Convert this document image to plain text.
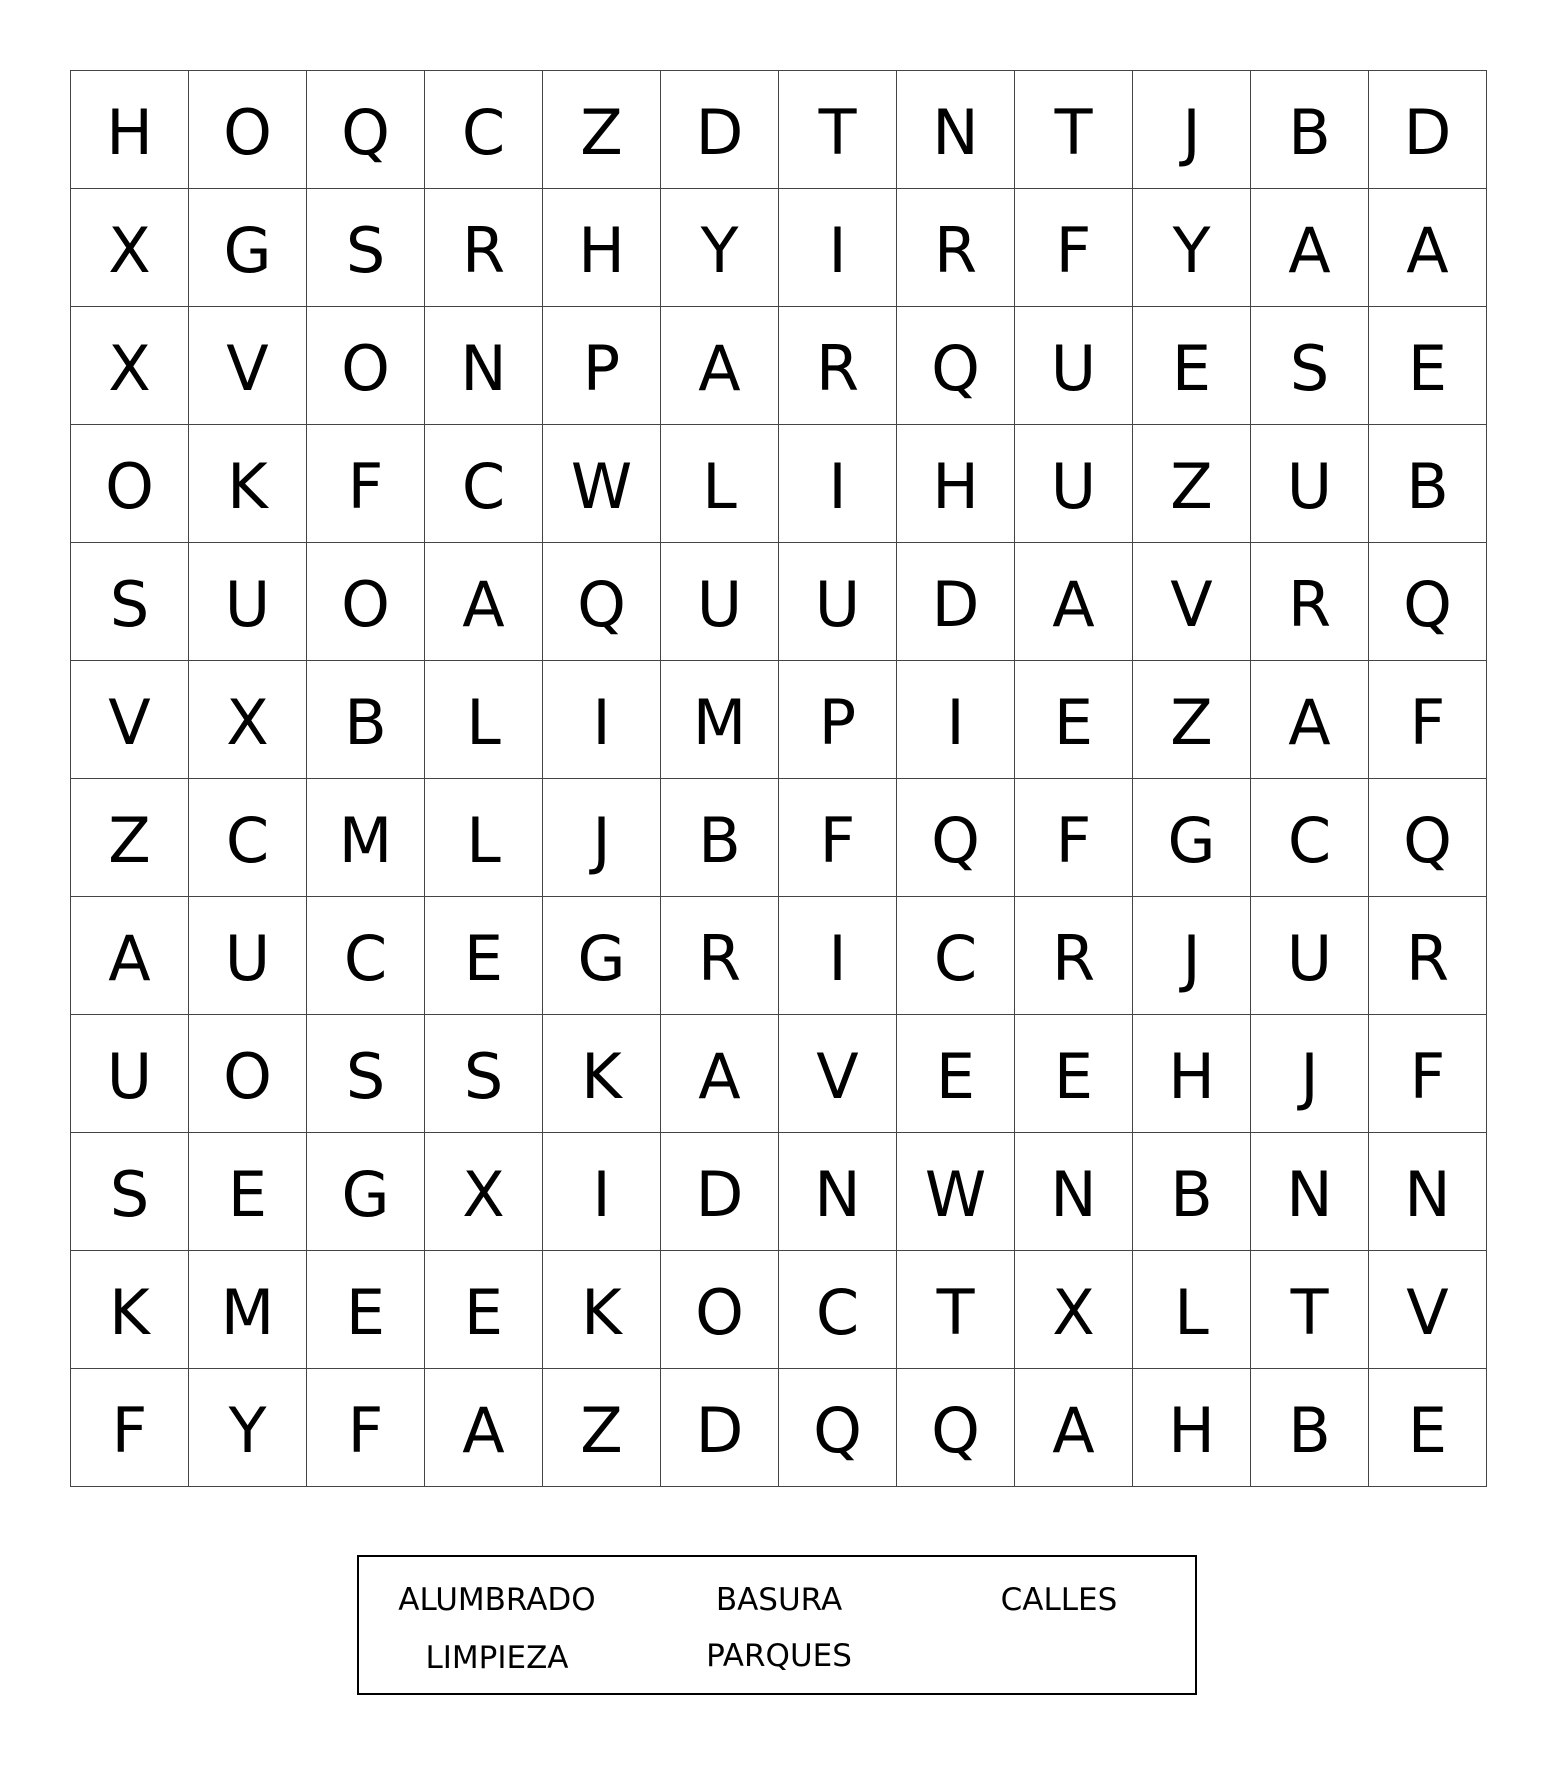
H	O	Q	C	Z	D	T	N	T	J	B	D
X	G	S	R	H	Y	I	R	F	Y	A	A
X	V	O	N	P	A	R	Q	U	E	S	E
O	K	F	C	W	L	I	H	U	Z	U	B
S	U	O	A	Q	U	U	D	A	V	R	Q
V	X	B	L	I	M	P	I	E	Z	A	F
Z	C	M	L	J	B	F	Q	F	G	C	Q
A	U	C	E	G	R	I	C	R	J	U	R
U	O	S	S	K	A	V	E	E	H	J	F
S	E	G	X	I	D	N	W	N	B	N	N
K	M	E	E	K	O	C	T	X	L	T	V
F	Y	F	A	Z	D	Q	Q	A	H	B	E
ALUMBRADO	BASURA	CALLES
LIMPIEZA	PARQUES
